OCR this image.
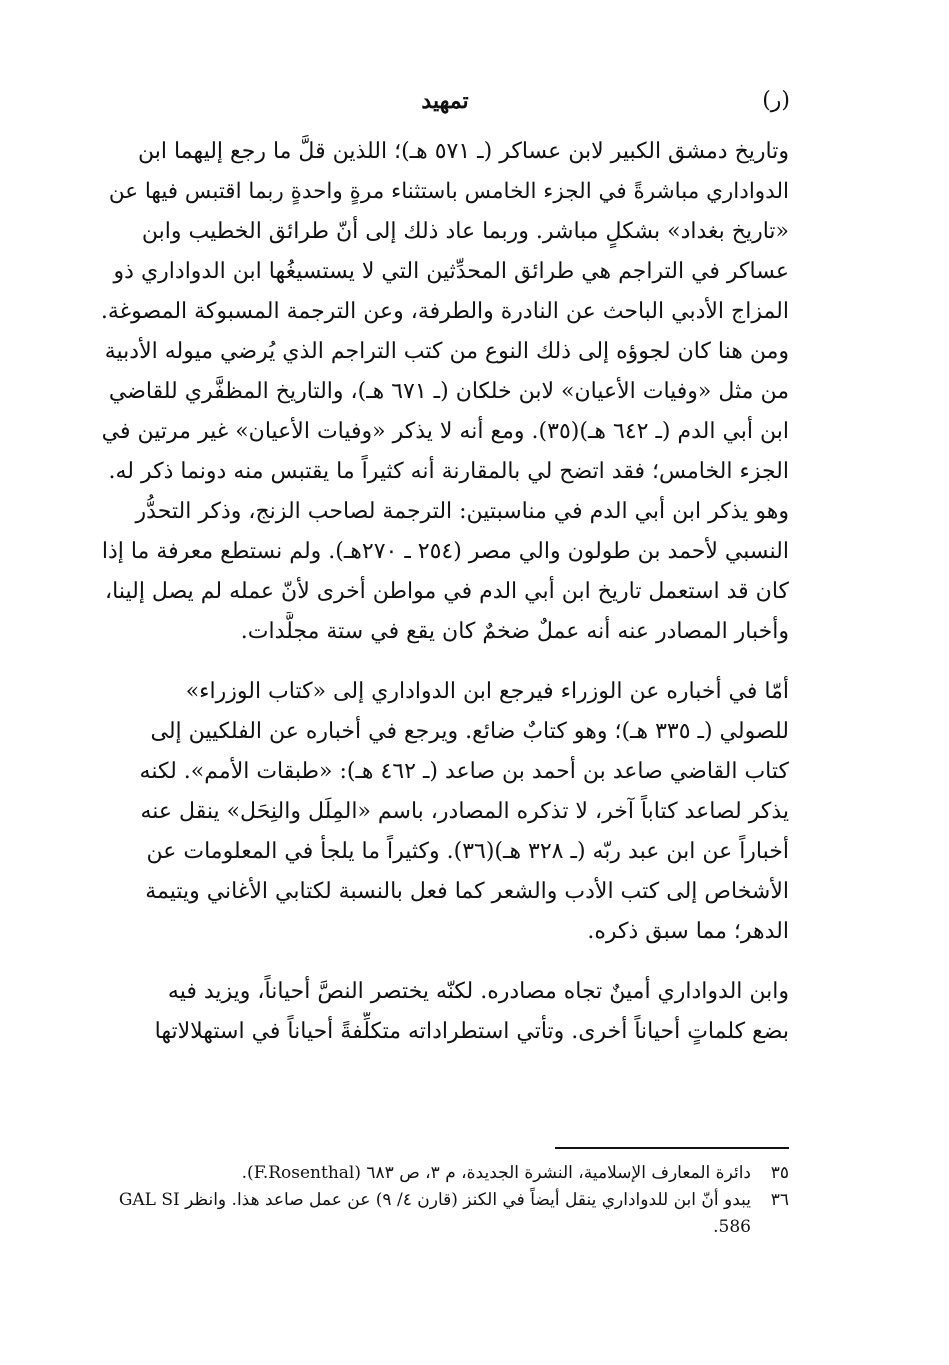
(ر)
تمهيد
وتاريخ دمشق الكبير لابن عساكر (ـ ٥٧١ هـ)؛ اللذين قلَّ ما رجع إليهما ابن
الدواداري مباشرةً في الجزء الخامس باستثناء مرةٍ واحدةٍ ربما اقتبس فيها عن
«تاريخ بغداد» بشكلٍ مباشر. وربما عاد ذلك إلى أنّ طرائق الخطيب وابن
عساكر في التراجم هي طرائق المحدِّثين التي لا يستسيغُها ابن الدواداري ذو
المزاج الأدبي الباحث عن النادرة والطرفة، وعن الترجمة المسبوكة المصوغة.
ومن هنا كان لجوؤه إلى ذلك النوع من كتب التراجم الذي يُرضي ميوله الأدبية
من مثل «وفيات الأعيان» لابن خلكان (ـ ٦٧١ هـ)، والتاريخ المظفَّري للقاضي
ابن أبي الدم (ـ ٦٤٢ هـ)(٣٥). ومع أنه لا يذكر «وفيات الأعيان» غير مرتين في
الجزء الخامس؛ فقد اتضح لي بالمقارنة أنه كثيراً ما يقتبس منه دونما ذكر له.
وهو يذكر ابن أبي الدم في مناسبتين: الترجمة لصاحب الزنج، وذكر التحدُّر
النسبي لأحمد بن طولون والي مصر (٢٥٤ ـ ٢٧٠هـ). ولم نستطع معرفة ما إذا
كان قد استعمل تاريخ ابن أبي الدم في مواطن أخرى لأنّ عمله لم يصل إلينا،
وأخبار المصادر عنه أنه عملٌ ضخمٌ كان يقع في ستة مجلَّدات.
أمّا في أخباره عن الوزراء فيرجع ابن الدواداري إلى «كتاب الوزراء»
للصولي (ـ ٣٣٥ هـ)؛ وهو كتابٌ ضائع. ويرجع في أخباره عن الفلكيين إلى
كتاب القاضي صاعد بن أحمد بن صاعد (ـ ٤٦٢ هـ): «طبقات الأمم». لكنه
يذكر لصاعد كتاباً آخر، لا تذكره المصادر، باسم «المِلَل والنِحَل» ينقل عنه
أخباراً عن ابن عبد ربّه (ـ ٣٢٨ هـ)(٣٦). وكثيراً ما يلجأ في المعلومات عن
الأشخاص إلى كتب الأدب والشعر كما فعل بالنسبة لكتابي الأغاني ويتيمة
الدهر؛ مما سبق ذكره.
وابن الدواداري أمينٌ تجاه مصادره. لكنّه يختصر النصَّ أحياناً، ويزيد فيه
بضع كلماتٍ أحياناً أخرى. وتأتي استطراداته متكلِّفةً أحياناً في استهلالاتها
٣٥
دائرة المعارف الإسلامية، النشرة الجديدة، م ٣، ص ٦٨٣ (F.Rosenthal).
٣٦
يبدو أنّ ابن للدواداري ينقل أيضاً في الكنز (قارن ٤/ ٩) عن عمل صاعد هذا. وانظر GAL SI 586.
